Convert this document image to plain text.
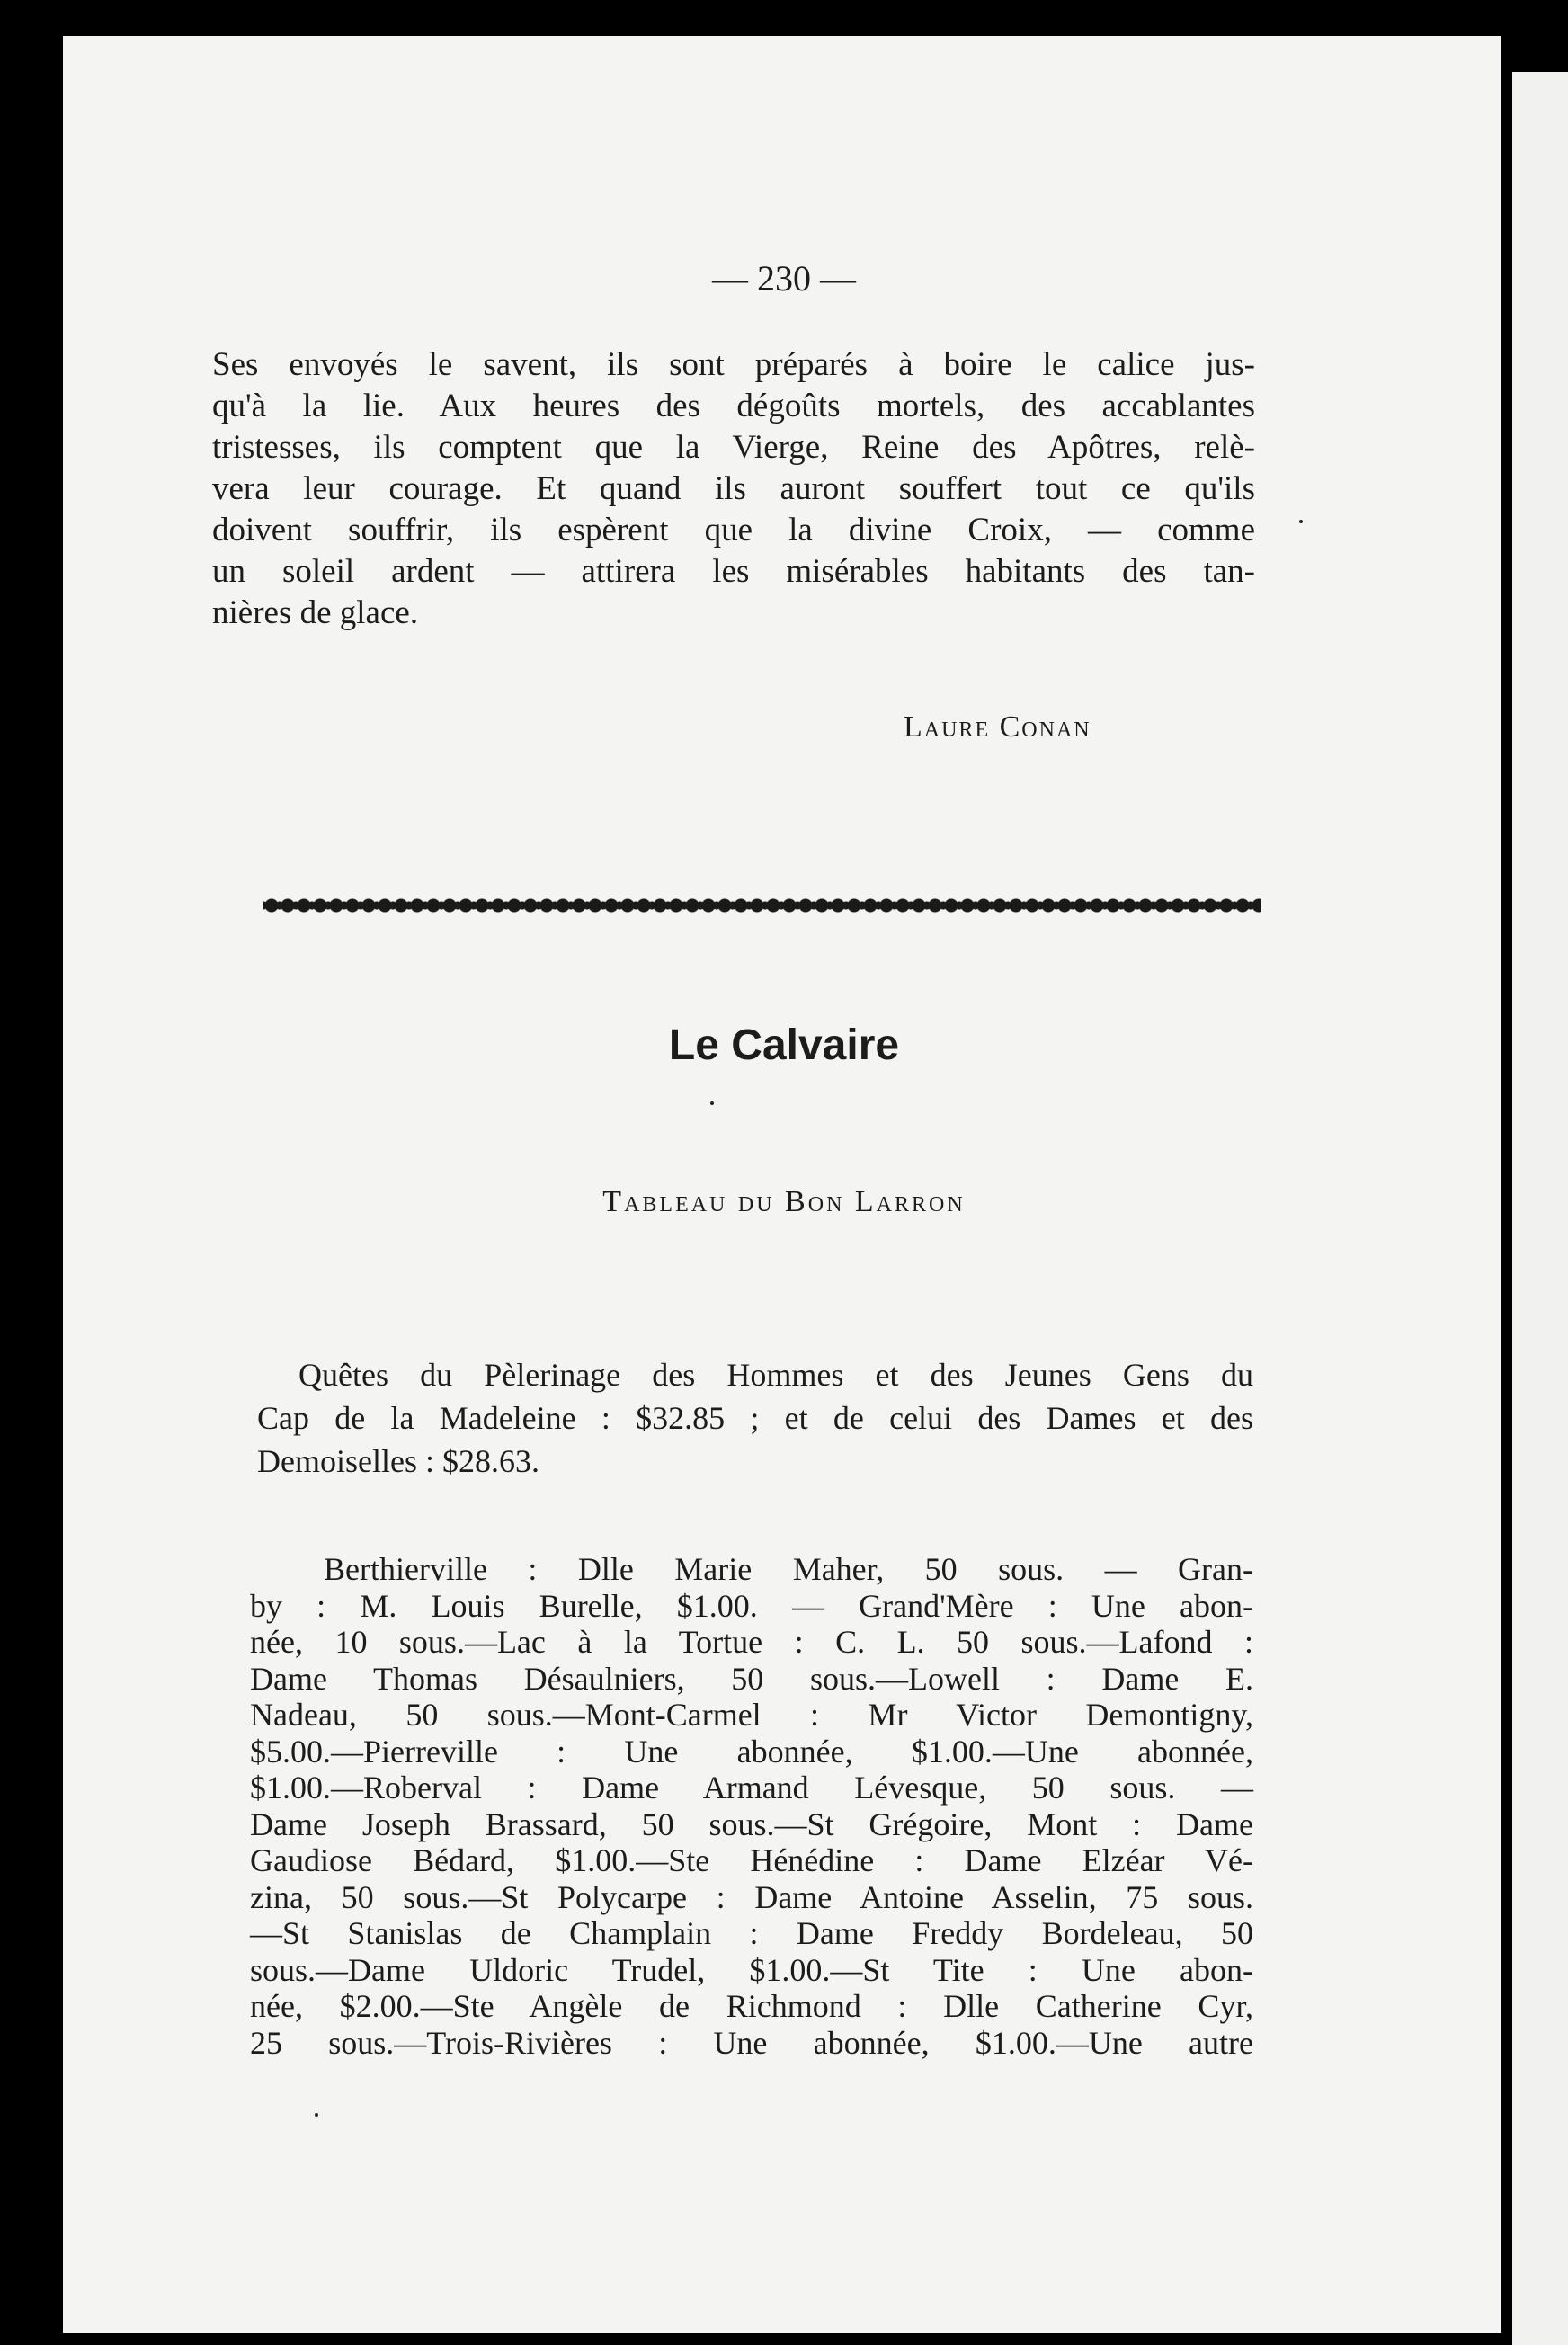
— 230 —
Ses envoyés le savent, ils sont préparés à boire le calice jus-
qu'à la lie. Aux heures des dégoûts mortels, des accablantes
tristesses, ils comptent que la Vierge, Reine des Apôtres, relè-
vera leur courage. Et quand ils auront souffert tout ce qu'ils
doivent souffrir, ils espèrent que la divine Croix, — comme
un soleil ardent — attirera les misérables habitants des tan-
nières de glace.
Laure Conan
Le Calvaire
Tableau du Bon Larron
Quêtes du Pèlerinage des Hommes et des Jeunes Gens du
Cap de la Madeleine : $32.85 ; et de celui des Dames et des
Demoiselles : $28.63.
Berthierville : Dlle Marie Maher, 50 sous. — Gran-
by : M. Louis Burelle, $1.00. — Grand'Mère : Une abon-
née, 10 sous.—Lac à la Tortue : C. L. 50 sous.—Lafond :
Dame Thomas Désaulniers, 50 sous.—Lowell : Dame E.
Nadeau, 50 sous.—Mont-Carmel : Mr Victor Demontigny,
$5.00.—Pierreville : Une abonnée, $1.00.—Une abonnée,
$1.00.—Roberval : Dame Armand Lévesque, 50 sous. —
Dame Joseph Brassard, 50 sous.—St Grégoire, Mont : Dame
Gaudiose Bédard, $1.00.—Ste Hénédine : Dame Elzéar Vé-
zina, 50 sous.—St Polycarpe : Dame Antoine Asselin, 75 sous.
—St Stanislas de Champlain : Dame Freddy Bordeleau, 50
sous.—Dame Uldoric Trudel, $1.00.—St Tite : Une abon-
née, $2.00.—Ste Angèle de Richmond : Dlle Catherine Cyr,
25 sous.—Trois-Rivières : Une abonnée, $1.00.—Une autre
